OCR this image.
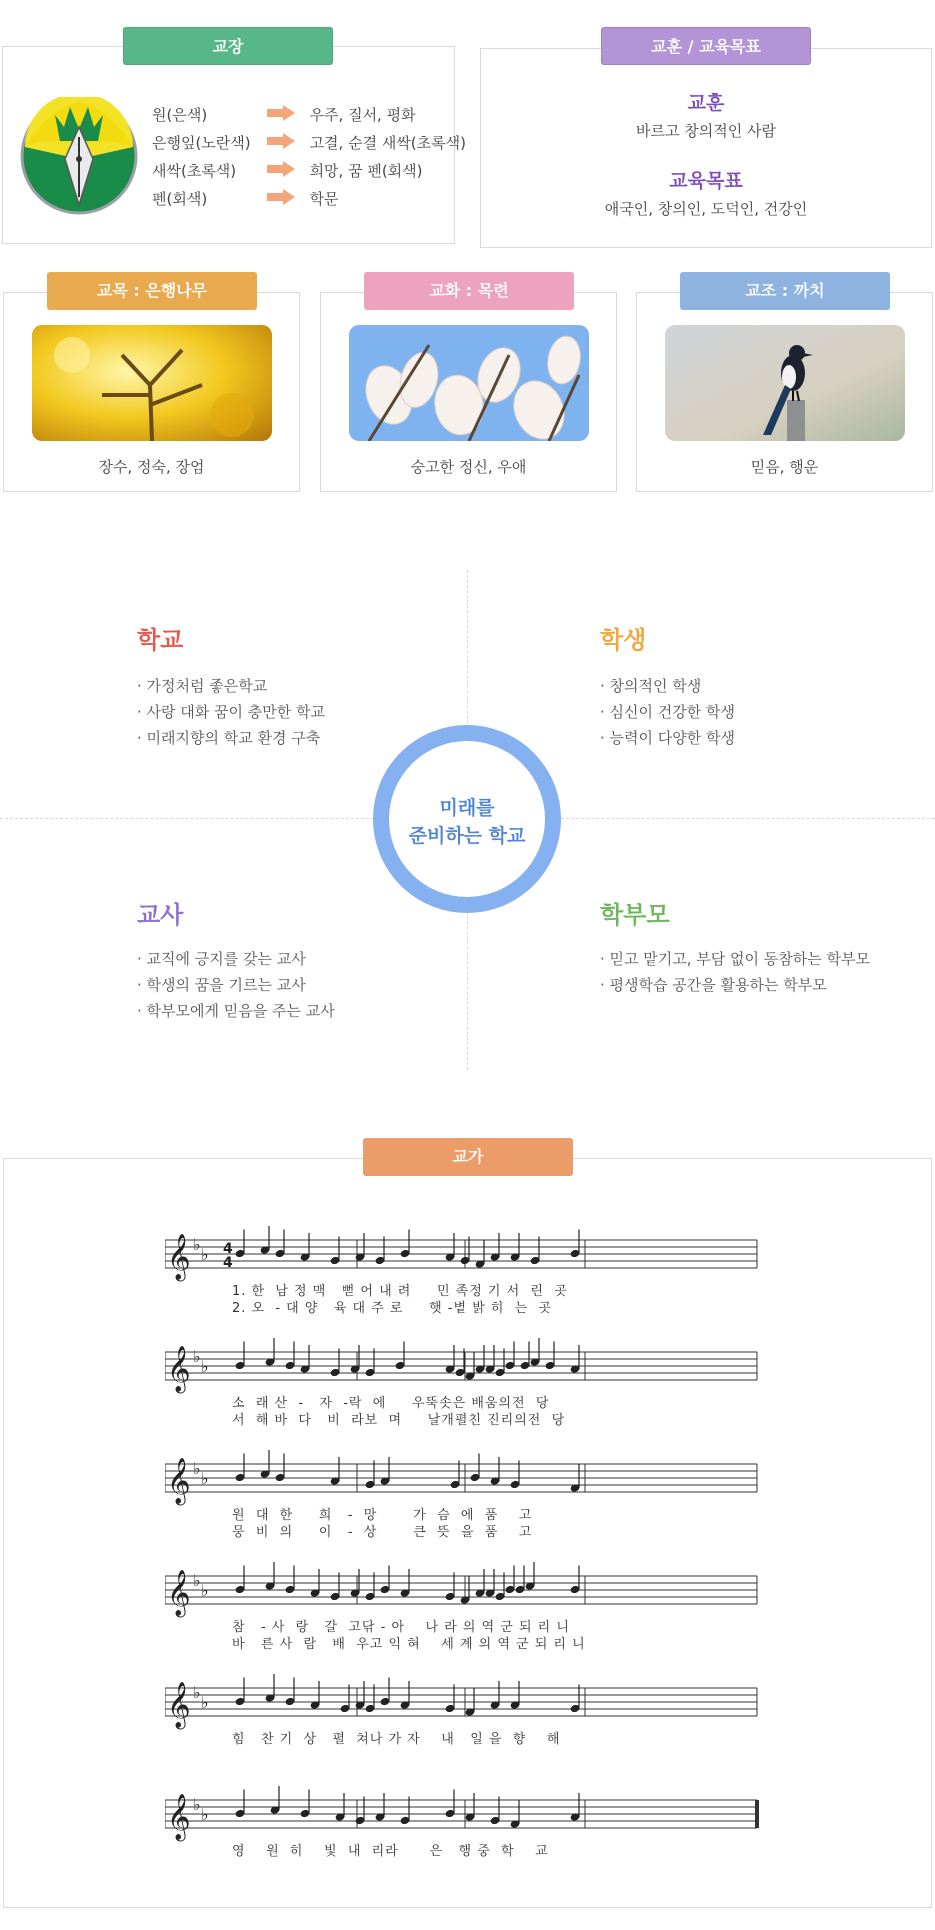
교장
원(은색)	우주, 질서, 평화
은행잎(노란색)	고결, 순결 새싹(초록색)
새싹(초록색)	희망, 꿈 펜(회색)
펜(회색)	학문
교훈 / 교육목표
교훈
바르고 창의적인 사람
교육목표
애국인, 창의인, 도덕인, 건강인
교목 : 은행나무
장수, 정숙, 장엄
교화 : 목련
숭고한 정신, 우애
교조 : 까치
믿음, 행운
미래를
준비하는 학교
학교
· 가정처럼 좋은학교
· 사랑 대화 꿈이 충만한 학교
· 미래지향의 학교 환경 구축
학생
· 창의적인 학생
· 심신이 건강한 학생
· 능력이 다양한 학생
교사
· 교직에 긍지를 갖는 교사
· 학생의 꿈을 기르는 교사
· 학부모에게 믿음을 주는 교사
학부모
· 믿고 맡기고, 부담 없이 동참하는 학부모
· 평생학습 공간을 활용하는 학부모
교가
𝄞 ♭
♭ 4
4
𝄞 ♭
♭
𝄞 ♭
♭
𝄞 ♭
♭
𝄞 ♭
♭
𝄞 ♭
♭
1. 한  남 정 맥   뻗 어 내 려     민 족정 기 서  린  곳
2. 오  - 대 양   육 대 주 로     햇 -볕 밝 히  는  곳
소  래 산  -   자  -락  에     우뚝솟은 배움의전  당
서  해 바  다   비  라보  며     날개펼친 진리의전  당
원  대  한     희   -  망       가  슴  에  품    고
뭉  비  의     이   -  상       큰  뜻  을  품    고
참   - 사  랑   갈  고닦 - 아    나 라 의 역 군 되 리 니
바   른 사  람   배  우고 익 혀    세 계 의 역 군 되 리 니
힘   찬 기  상   펼  쳐나 가 자    내   일 을  향    해
영    원  히    빛  내  리라      은   행 중  학    교
